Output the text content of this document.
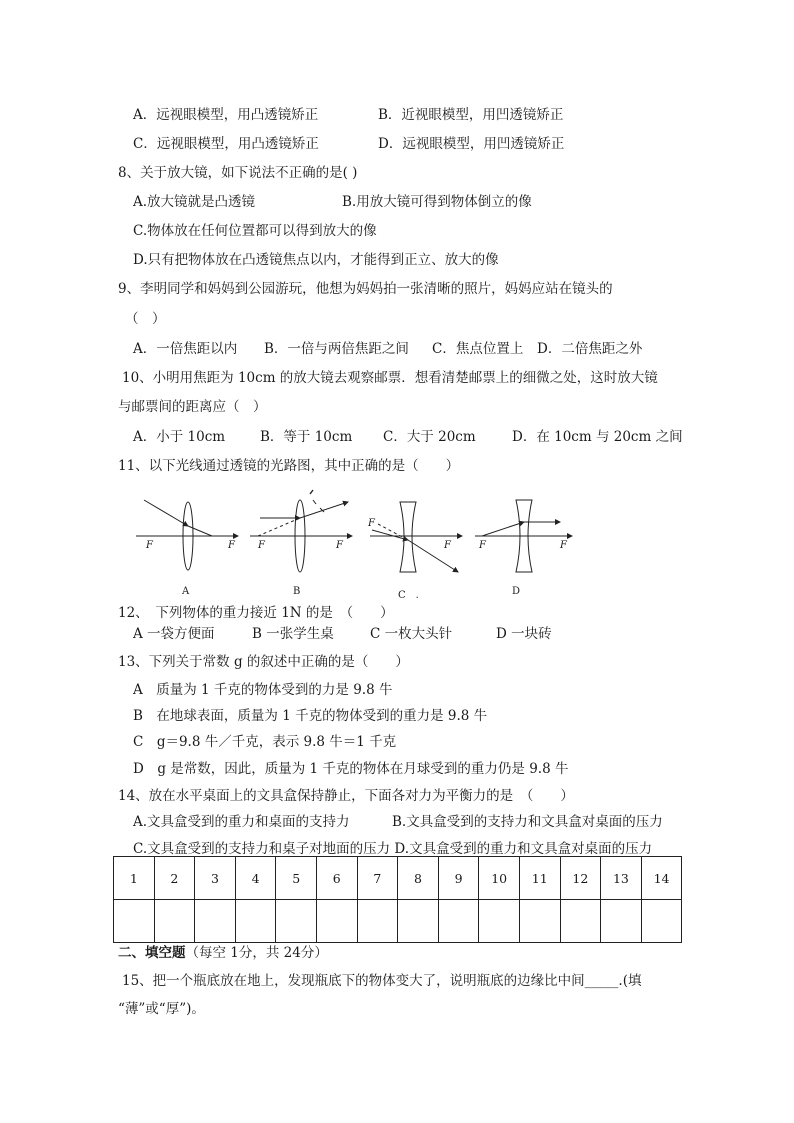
A．远视眼模型，用凸透镜矫正	B．近视眼模型，用凹透镜矫正
C．远视眼模型，用凸透镜矫正	D．远视眼模型，用凹透镜矫正
8、关于放大镜，如下说法不正确的是( )
A.放大镜就是凸透镜	B.用放大镜可得到物体倒立的像
C.物体放在任何位置都可以得到放大的像
D.只有把物体放在凸透镜焦点以内，才能得到正立、放大的像
9、李明同学和妈妈到公园游玩，他想为妈妈拍一张清晰的照片，妈妈应站在镜头的
（　）
A．一倍焦距以内 B．一倍与两倍焦距之间 C．焦点位置上 D．二倍焦距之外
10、小明用焦距为 10cm 的放大镜去观察邮票．想看清楚邮票上的细微之处，这时放大镜
与邮票间的距离应（　）
A．小于 10cm	B．等于 10cm C．大于 20cm	D．在 10cm 与 20cm 之间
11、以下光线通过透镜的光路图，其中正确的是（　　）
F	F F	F
F
F	F	F
A	B	C　.	D
12、　下列物体的重力接近 1N 的是　（　　）
A 一袋方便面	B 一张学生桌	C 一枚大头针	D 一块砖
13、下列关于常数 g 的叙述中正确的是（　　）
A　质量为 1 千克的物体受到的力是 9.8 牛
B　在地球表面，质量为 1 千克的物体受到的重力是 9.8 牛
C　g＝9.8 牛／千克，表示 9.8 牛＝1 千克
D　g 是常数，因此，质量为 1 千克的物体在月球受到的重力仍是 9.8 牛
14、放在水平桌面上的文具盒保持静止，下面各对力为平衡力的是　（　　）
A.文具盒受到的重力和桌面的支持力	B.文具盒受到的支持力和文具盒对桌面的压力
C.文具盒受到的支持力和桌子对地面的压力 D.文具盒受到的重力和文具盒对桌面的压力
1	2	3	4	5	6	7	8	9	10	11	12	13	14

二、填空题（每空 1分，共 24分）
15、把一个瓶底放在地上，发现瓶底下的物体变大了，说明瓶底的边缘比中间_____.(填
“薄”或“厚”)。
